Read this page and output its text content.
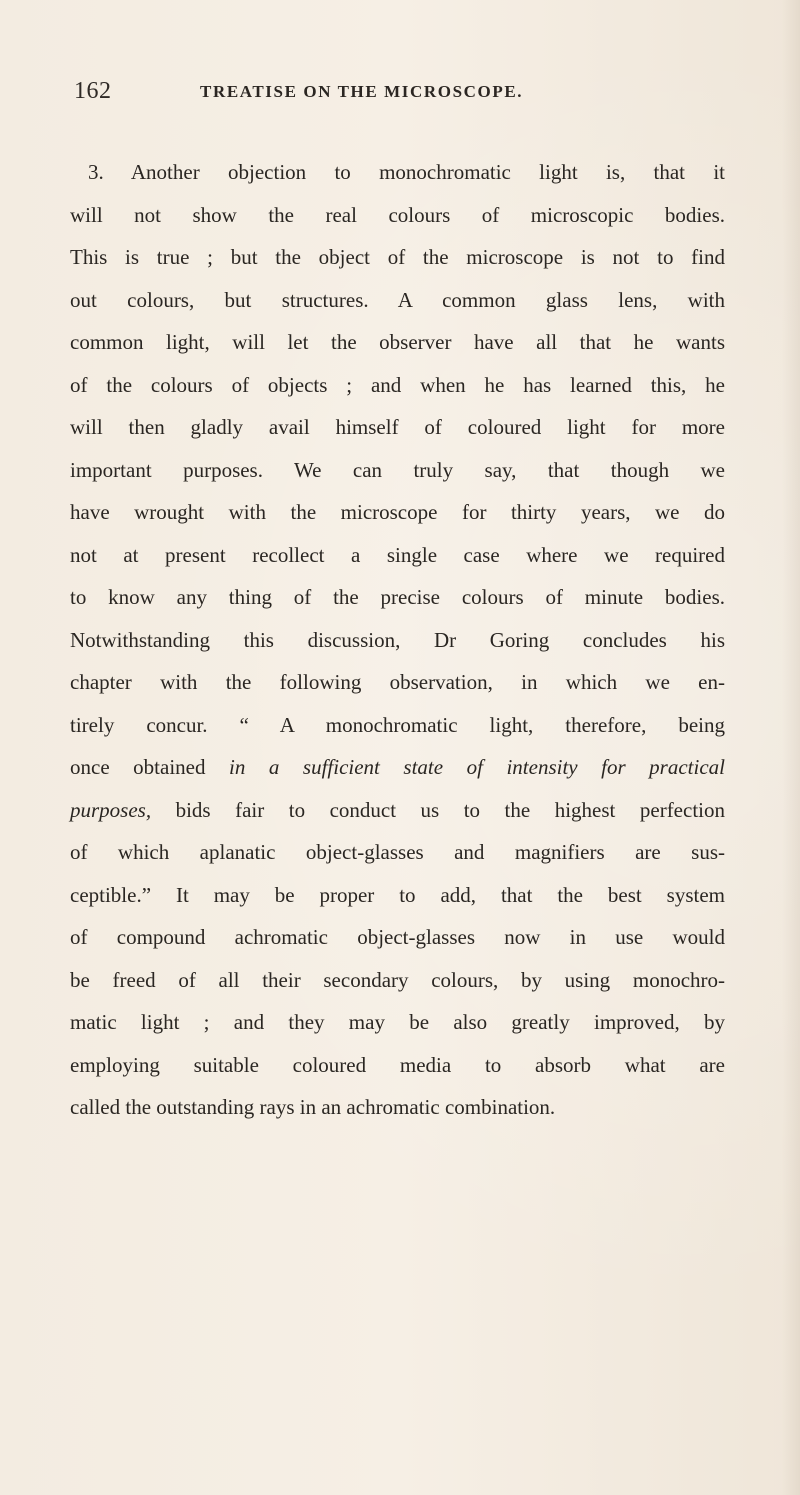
162	TREATISE ON THE MICROSCOPE.
3. Another objection to monochromatic light is, that it
will not show the real colours of microscopic bodies.
This is true ; but the object of the microscope is not to find
out colours, but structures. A common glass lens, with
common light, will let the observer have all that he wants
of the colours of objects ; and when he has learned this, he
will then gladly avail himself of coloured light for more
important purposes. We can truly say, that though we
have wrought with the microscope for thirty years, we do
not at present recollect a single case where we required
to know any thing of the precise colours of minute bodies.
Notwithstanding this discussion, Dr Goring concludes his
chapter with the following observation, in which we en-
tirely concur. “ A monochromatic light, therefore, being
once obtained in a sufficient state of intensity for practical
purposes, bids fair to conduct us to the highest perfection
of which aplanatic object-glasses and magnifiers are sus-
ceptible.” It may be proper to add, that the best system
of compound achromatic object-glasses now in use would
be freed of all their secondary colours, by using monochro-
matic light ; and they may be also greatly improved, by
employing suitable coloured media to absorb what are
called the outstanding rays in an achromatic combination.
